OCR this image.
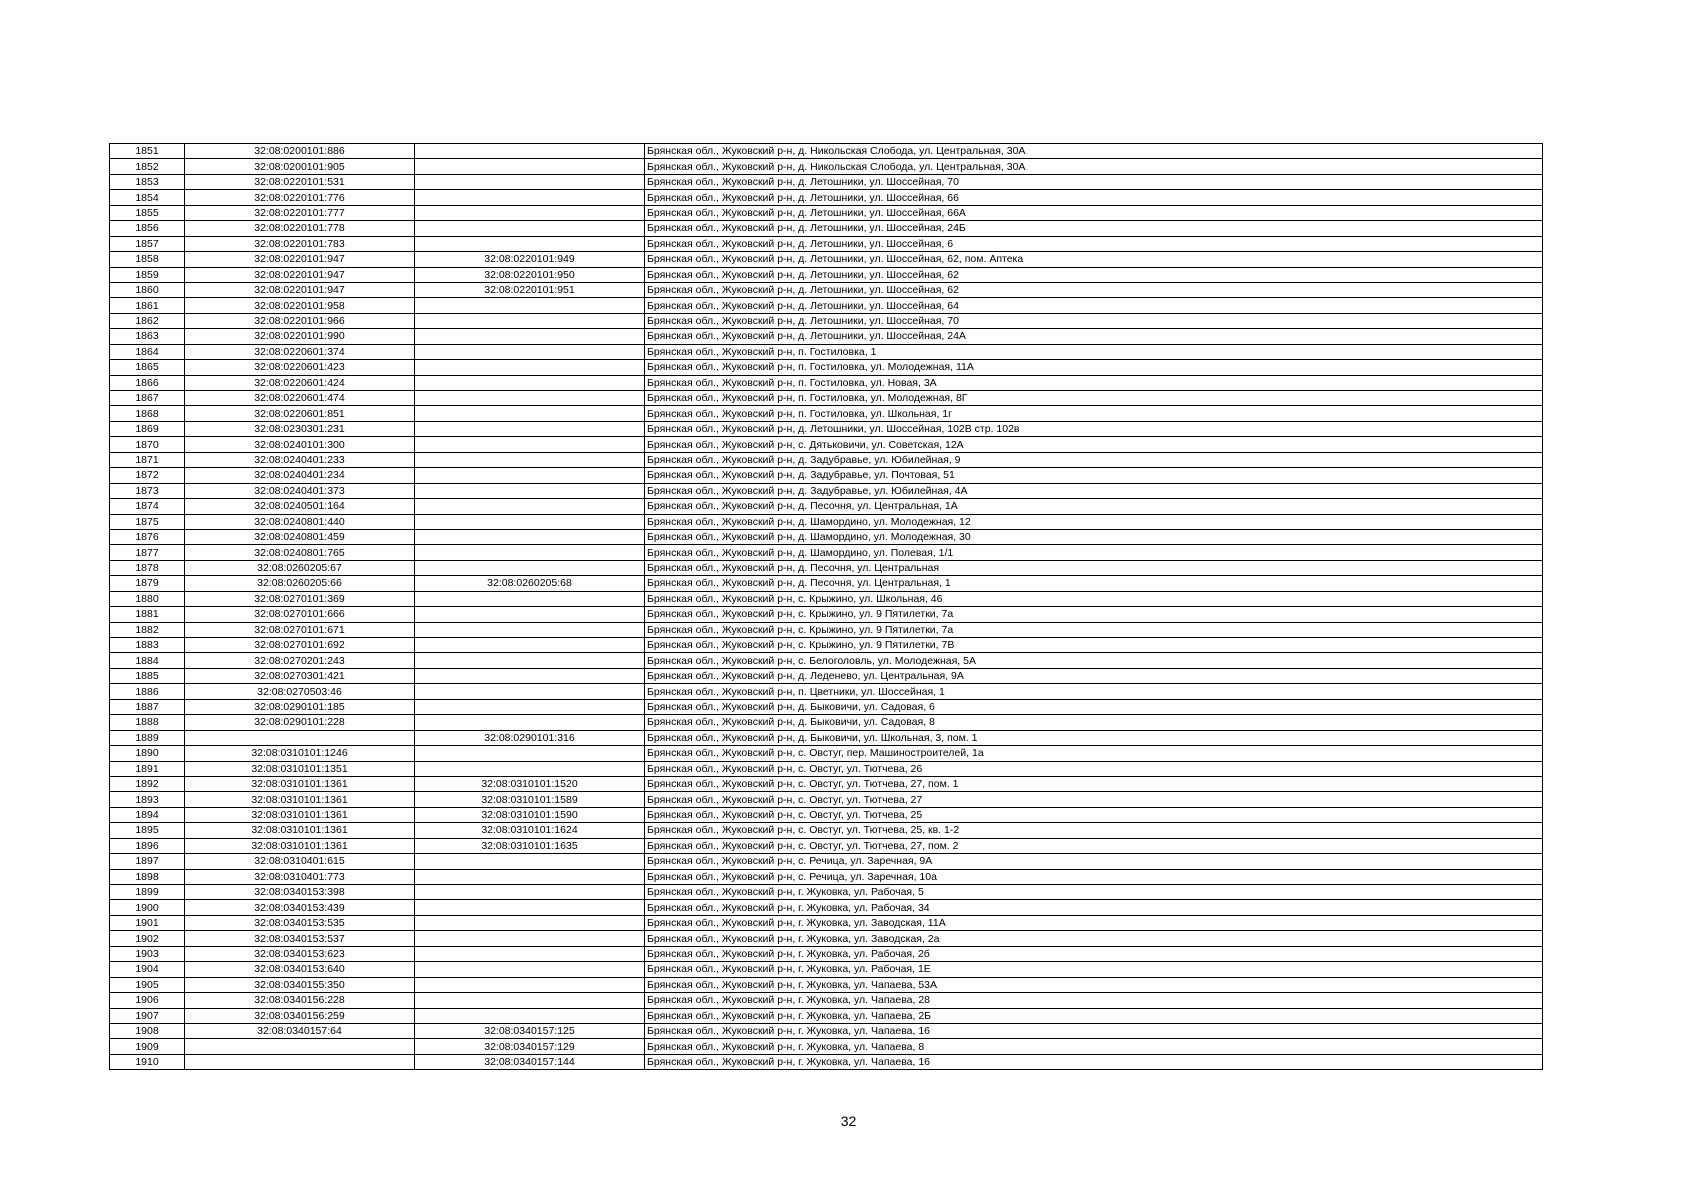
1851	32:08:0200101:886		Брянская обл., Жуковский р-н, д. Никольская Слобода, ул. Центральная, 30А
1852	32:08:0200101:905		Брянская обл., Жуковский р-н, д. Никольская Слобода, ул. Центральная, 30А
1853	32:08:0220101:531		Брянская обл., Жуковский р-н, д. Летошники, ул. Шоссейная, 70
1854	32:08:0220101:776		Брянская обл., Жуковский р-н, д. Летошники, ул. Шоссейная, 66
1855	32:08:0220101:777		Брянская обл., Жуковский р-н, д. Летошники, ул. Шоссейная, 66А
1856	32:08:0220101:778		Брянская обл., Жуковский р-н, д. Летошники, ул. Шоссейная, 24Б
1857	32:08:0220101:783		Брянская обл., Жуковский р-н, д. Летошники, ул. Шоссейная, 6
1858	32:08:0220101:947	32:08:0220101:949	Брянская обл., Жуковский р-н, д. Летошники, ул. Шоссейная, 62, пом. Аптека
1859	32:08:0220101:947	32:08:0220101:950	Брянская обл., Жуковский р-н, д. Летошники, ул. Шоссейная, 62
1860	32:08:0220101:947	32:08:0220101:951	Брянская обл., Жуковский р-н, д. Летошники, ул. Шоссейная, 62
1861	32:08:0220101:958		Брянская обл., Жуковский р-н, д. Летошники, ул. Шоссейная, 64
1862	32:08:0220101:966		Брянская обл., Жуковский р-н, д. Летошники, ул. Шоссейная, 70
1863	32:08:0220101:990		Брянская обл., Жуковский р-н, д. Летошники, ул. Шоссейная, 24А
1864	32:08:0220601:374		Брянская обл., Жуковский р-н, п. Гостиловка, 1
1865	32:08:0220601:423		Брянская обл., Жуковский р-н, п. Гостиловка, ул. Молодежная, 11А
1866	32:08:0220601:424		Брянская обл., Жуковский р-н, п. Гостиловка, ул. Новая, 3А
1867	32:08:0220601:474		Брянская обл., Жуковский р-н, п. Гостиловка, ул. Молодежная, 8Г
1868	32:08:0220601:851		Брянская обл., Жуковский р-н, п. Гостиловка, ул. Школьная, 1г
1869	32:08:0230301:231		Брянская обл., Жуковский р-н, д. Летошники, ул. Шоссейная, 102В стр. 102в
1870	32:08:0240101:300		Брянская обл., Жуковский р-н, с. Дятьковичи, ул. Советская, 12А
1871	32:08:0240401:233		Брянская обл., Жуковский р-н, д. Задубравье, ул. Юбилейная, 9
1872	32:08:0240401:234		Брянская обл., Жуковский р-н, д. Задубравье, ул. Почтовая, 51
1873	32:08:0240401:373		Брянская обл., Жуковский р-н, д. Задубравье, ул. Юбилейная, 4А
1874	32:08:0240501:164		Брянская обл., Жуковский р-н, д. Песочня, ул. Центральная, 1А
1875	32:08:0240801:440		Брянская обл., Жуковский р-н, д. Шамордино, ул. Молодежная, 12
1876	32:08:0240801:459		Брянская обл., Жуковский р-н, д. Шамордино, ул. Молодежная, 30
1877	32:08:0240801:765		Брянская обл., Жуковский р-н, д. Шамордино, ул. Полевая, 1/1
1878	32:08:0260205:67		Брянская обл., Жуковский р-н, д. Песочня, ул. Центральная
1879	32:08:0260205:66	32:08:0260205:68	Брянская обл., Жуковский р-н, д. Песочня, ул. Центральная, 1
1880	32:08:0270101:369		Брянская обл., Жуковский р-н, с. Крыжино, ул. Школьная, 46
1881	32:08:0270101:666		Брянская обл., Жуковский р-н, с. Крыжино, ул. 9 Пятилетки, 7а
1882	32:08:0270101:671		Брянская обл., Жуковский р-н, с. Крыжино, ул. 9 Пятилетки, 7а
1883	32:08:0270101:692		Брянская обл., Жуковский р-н, с. Крыжино, ул. 9 Пятилетки, 7В
1884	32:08:0270201:243		Брянская обл., Жуковский р-н, с. Белоголовль, ул. Молодежная, 5А
1885	32:08:0270301:421		Брянская обл., Жуковский р-н, д. Леденево, ул. Центральная, 9А
1886	32:08:0270503:46		Брянская обл., Жуковский р-н, п. Цветники, ул. Шоссейная, 1
1887	32:08:0290101:185		Брянская обл., Жуковский р-н, д. Быковичи, ул. Садовая, 6
1888	32:08:0290101:228		Брянская обл., Жуковский р-н, д. Быковичи, ул. Садовая, 8
1889		32:08:0290101:316	Брянская обл., Жуковский р-н, д. Быковичи, ул. Школьная, 3, пом. 1
1890	32:08:0310101:1246		Брянская обл., Жуковский р-н, с. Овстуг, пер. Машиностроителей, 1а
1891	32:08:0310101:1351		Брянская обл., Жуковский р-н, с. Овстуг, ул. Тютчева, 26
1892	32:08:0310101:1361	32:08:0310101:1520	Брянская обл., Жуковский р-н, с. Овстуг, ул. Тютчева, 27, пом. 1
1893	32:08:0310101:1361	32:08:0310101:1589	Брянская обл., Жуковский р-н, с. Овстуг, ул. Тютчева, 27
1894	32:08:0310101:1361	32:08:0310101:1590	Брянская обл., Жуковский р-н, с. Овстуг, ул. Тютчева, 25
1895	32:08:0310101:1361	32:08:0310101:1624	Брянская обл., Жуковский р-н, с. Овстуг, ул. Тютчева, 25, кв. 1-2
1896	32:08:0310101:1361	32:08:0310101:1635	Брянская обл., Жуковский р-н, с. Овстуг, ул. Тютчева, 27, пом. 2
1897	32:08:0310401:615		Брянская обл., Жуковский р-н, с. Речица, ул. Заречная, 9А
1898	32:08:0310401:773		Брянская обл., Жуковский р-н, с. Речица, ул. Заречная, 10а
1899	32:08:0340153:398		Брянская обл., Жуковский р-н, г. Жуковка, ул. Рабочая, 5
1900	32:08:0340153:439		Брянская обл., Жуковский р-н, г. Жуковка, ул. Рабочая, 34
1901	32:08:0340153:535		Брянская обл., Жуковский р-н, г. Жуковка, ул. Заводская, 11А
1902	32:08:0340153:537		Брянская обл., Жуковский р-н, г. Жуковка, ул. Заводская, 2а
1903	32:08:0340153:623		Брянская обл., Жуковский р-н, г. Жуковка, ул. Рабочая, 2б
1904	32:08:0340153:640		Брянская обл., Жуковский р-н, г. Жуковка, ул. Рабочая, 1Е
1905	32:08:0340155:350		Брянская обл., Жуковский р-н, г. Жуковка, ул. Чапаева, 53А
1906	32:08:0340156:228		Брянская обл., Жуковский р-н, г. Жуковка, ул. Чапаева, 28
1907	32:08:0340156:259		Брянская обл., Жуковский р-н, г. Жуковка, ул. Чапаева, 2Б
1908	32:08:0340157:64	32:08:0340157:125	Брянская обл., Жуковский р-н, г. Жуковка, ул. Чапаева, 16
1909		32:08:0340157:129	Брянская обл., Жуковский р-н, г. Жуковка, ул. Чапаева, 8
1910		32:08:0340157:144	Брянская обл., Жуковский р-н, г. Жуковка, ул. Чапаева, 16
32
